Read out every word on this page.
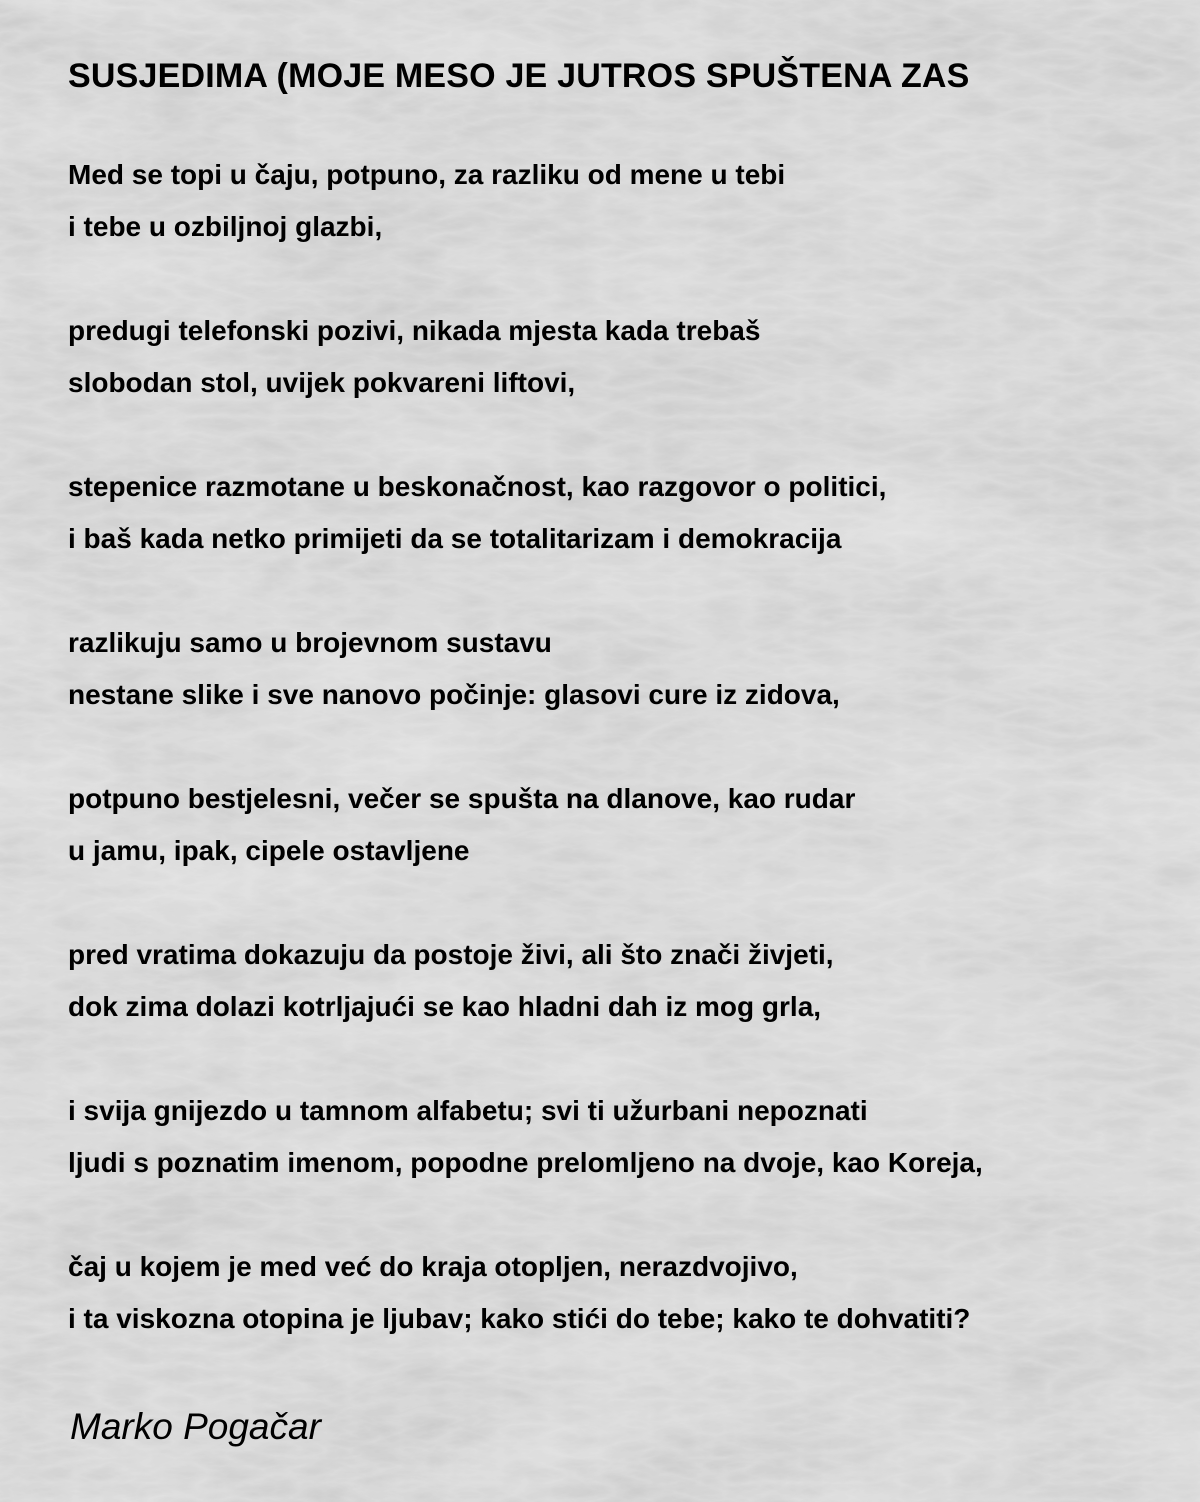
SUSJEDIMA (MOJE MESO JE JUTROS SPUŠTENA ZAS
Med se topi u čaju, potpuno, za razliku od mene u tebi
i tebe u ozbiljnoj glazbi,
predugi telefonski pozivi, nikada mjesta kada trebaš
slobodan stol, uvijek pokvareni liftovi,
stepenice razmotane u beskonačnost, kao razgovor o politici,
i baš kada netko primijeti da se totalitarizam i demokracija
razlikuju samo u brojevnom sustavu
nestane slike i sve nanovo počinje: glasovi cure iz zidova,
potpuno bestjelesni, večer se spušta na dlanove, kao rudar
u jamu, ipak, cipele ostavljene
pred vratima dokazuju da postoje živi, ali što znači živjeti,
dok zima dolazi kotrljajući se kao hladni dah iz mog grla,
i svija gnijezdo u tamnom alfabetu; svi ti užurbani nepoznati
ljudi s poznatim imenom, popodne prelomljeno na dvoje, kao Koreja,
čaj u kojem je med već do kraja otopljen, nerazdvojivo,
i ta viskozna otopina je ljubav; kako stići do tebe; kako te dohvatiti?
Marko Pogačar
